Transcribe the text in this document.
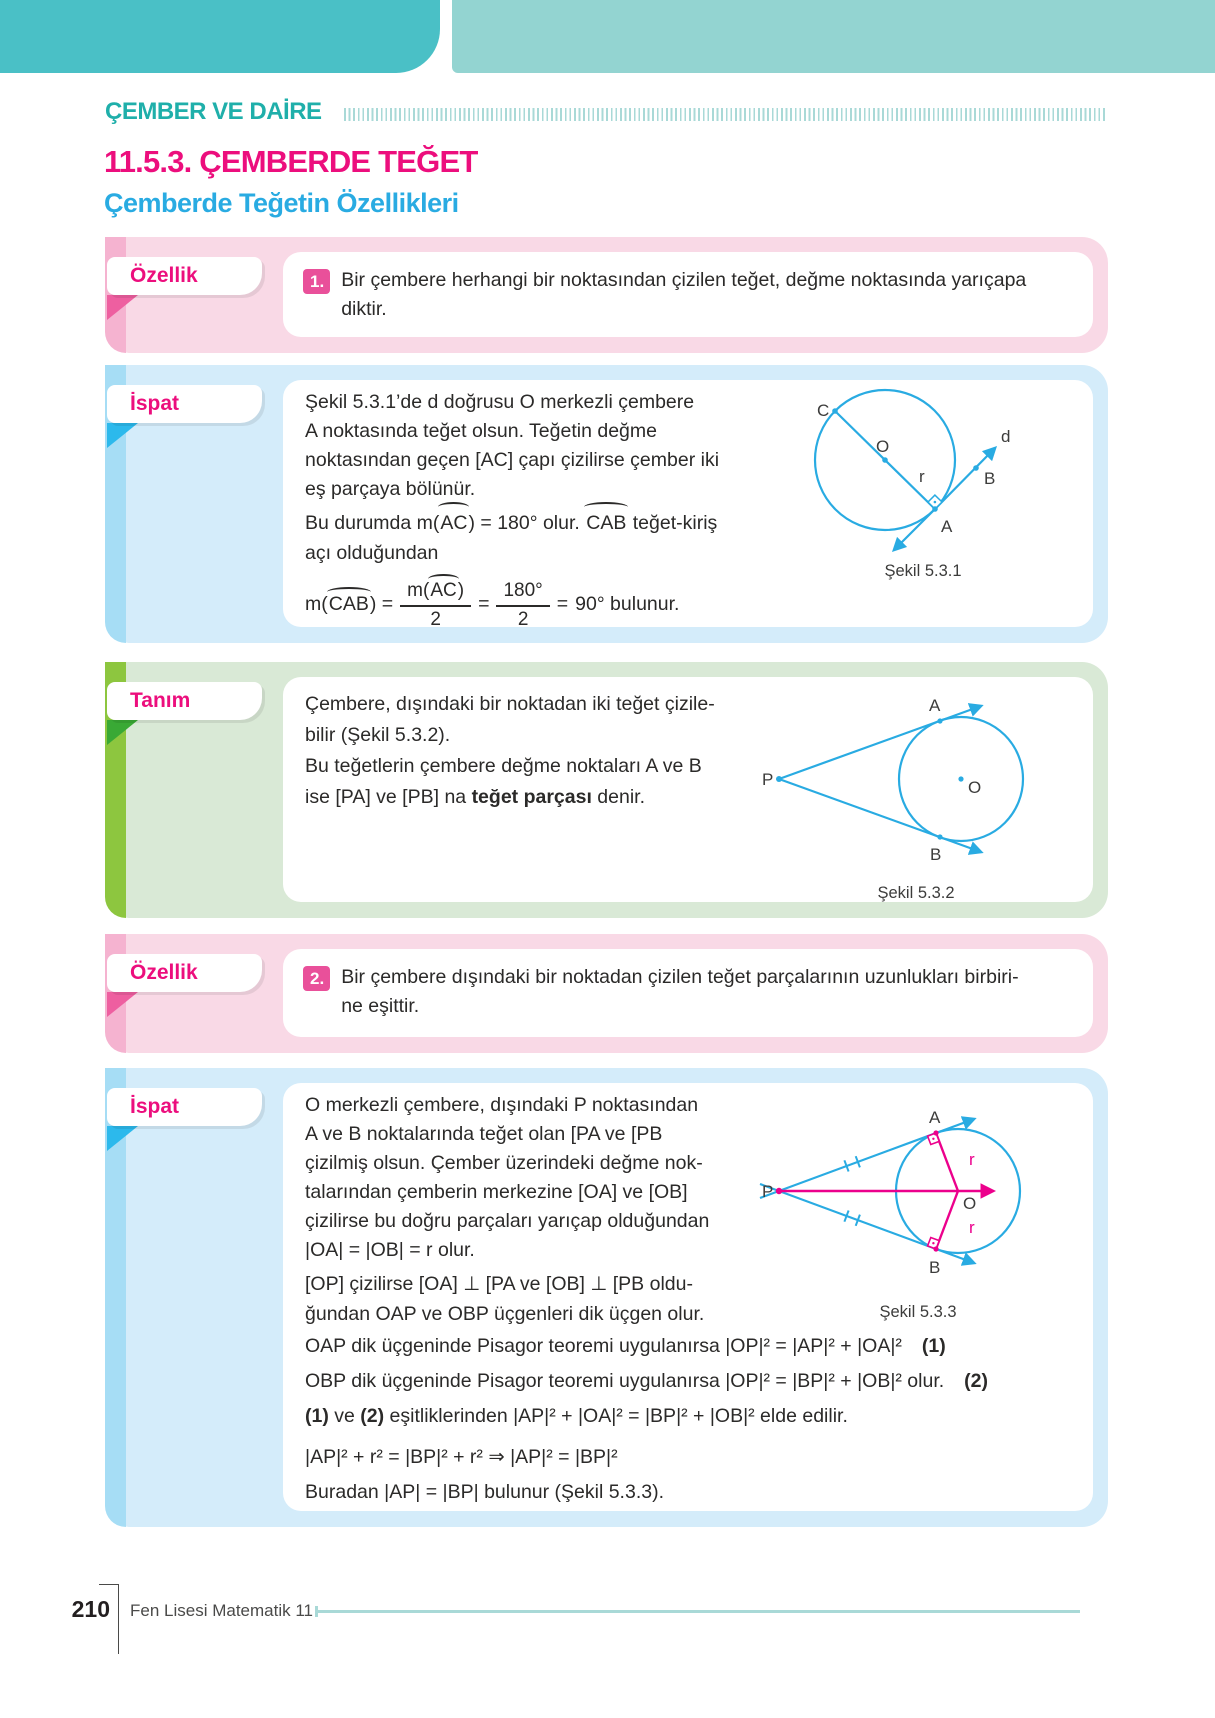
ÇEMBER VE DAİRE
11.5.3. ÇEMBERDE TEĞET
Çemberde Teğetin Özellikleri
Özellik	1. Bir çembere herhangi bir noktasından çizilen teğet, değme noktasında yarıçapa
diktir.
İspat	Şekil 5.3.1’de d doğrusu O merkezli çembere
A noktasında teğet olsun. Teğetin değme
noktasından geçen [AC] çapı çizilirse çember iki
eş parçaya bölünür.
Bu durumda m(AC) = 180° olur. CAB teğet-kiriş
açı olduğundan
$m(CAB) = \frac{m(AC)}{2} = \frac{180^\circ}{2} = 90^\circ$ bulunur.
C
O
r
d
B
A
Şekil 5.3.1
Tanım	Çembere, dışındaki bir noktadan iki teğet çizile-
bilir (Şekil 5.3.2).
Bu teğetlerin çembere değme noktaları A ve B
ise [PA] ve [PB] na teğet parçası denir.
A
P	O
B
Şekil 5.3.2
Özellik	2. Bir çembere dışındaki bir noktadan çizilen teğet parçalarının uzunlukları birbiri-
ne eşittir.
İspat	O merkezli çembere, dışındaki P noktasından
A ve B noktalarında teğet olan [PA ve [PB
çizilmiş olsun. Çember üzerindeki değme nok-
talarından çemberin merkezine [OA] ve [OB]
çizilirse bu doğru parçaları yarıçap olduğundan
|OA| = |OB| = r olur.
[OP] çizilirse [OA] ⊥ [PA ve [OB] ⊥ [PB oldu-
ğundan OAP ve OBP üçgenleri dik üçgen olur.
A
r
P
O
r
B
Şekil 5.3.3
OAP dik üçgeninde Pisagor teoremi uygulanırsa |OP|² = |AP|² + |OA|² (1)
OBP dik üçgeninde Pisagor teoremi uygulanırsa |OP|² = |BP|² + |OB|² olur. (2)
(1) ve (2) eşitliklerinden |AP|² + |OA|² = |BP|² + |OB|² elde edilir.
|AP|² + r² = |BP|² + r² ⇒ |AP|² = |BP|²
Buradan |AP| = |BP| bulunur (Şekil 5.3.3).
210 Fen Lisesi Matematik 11
